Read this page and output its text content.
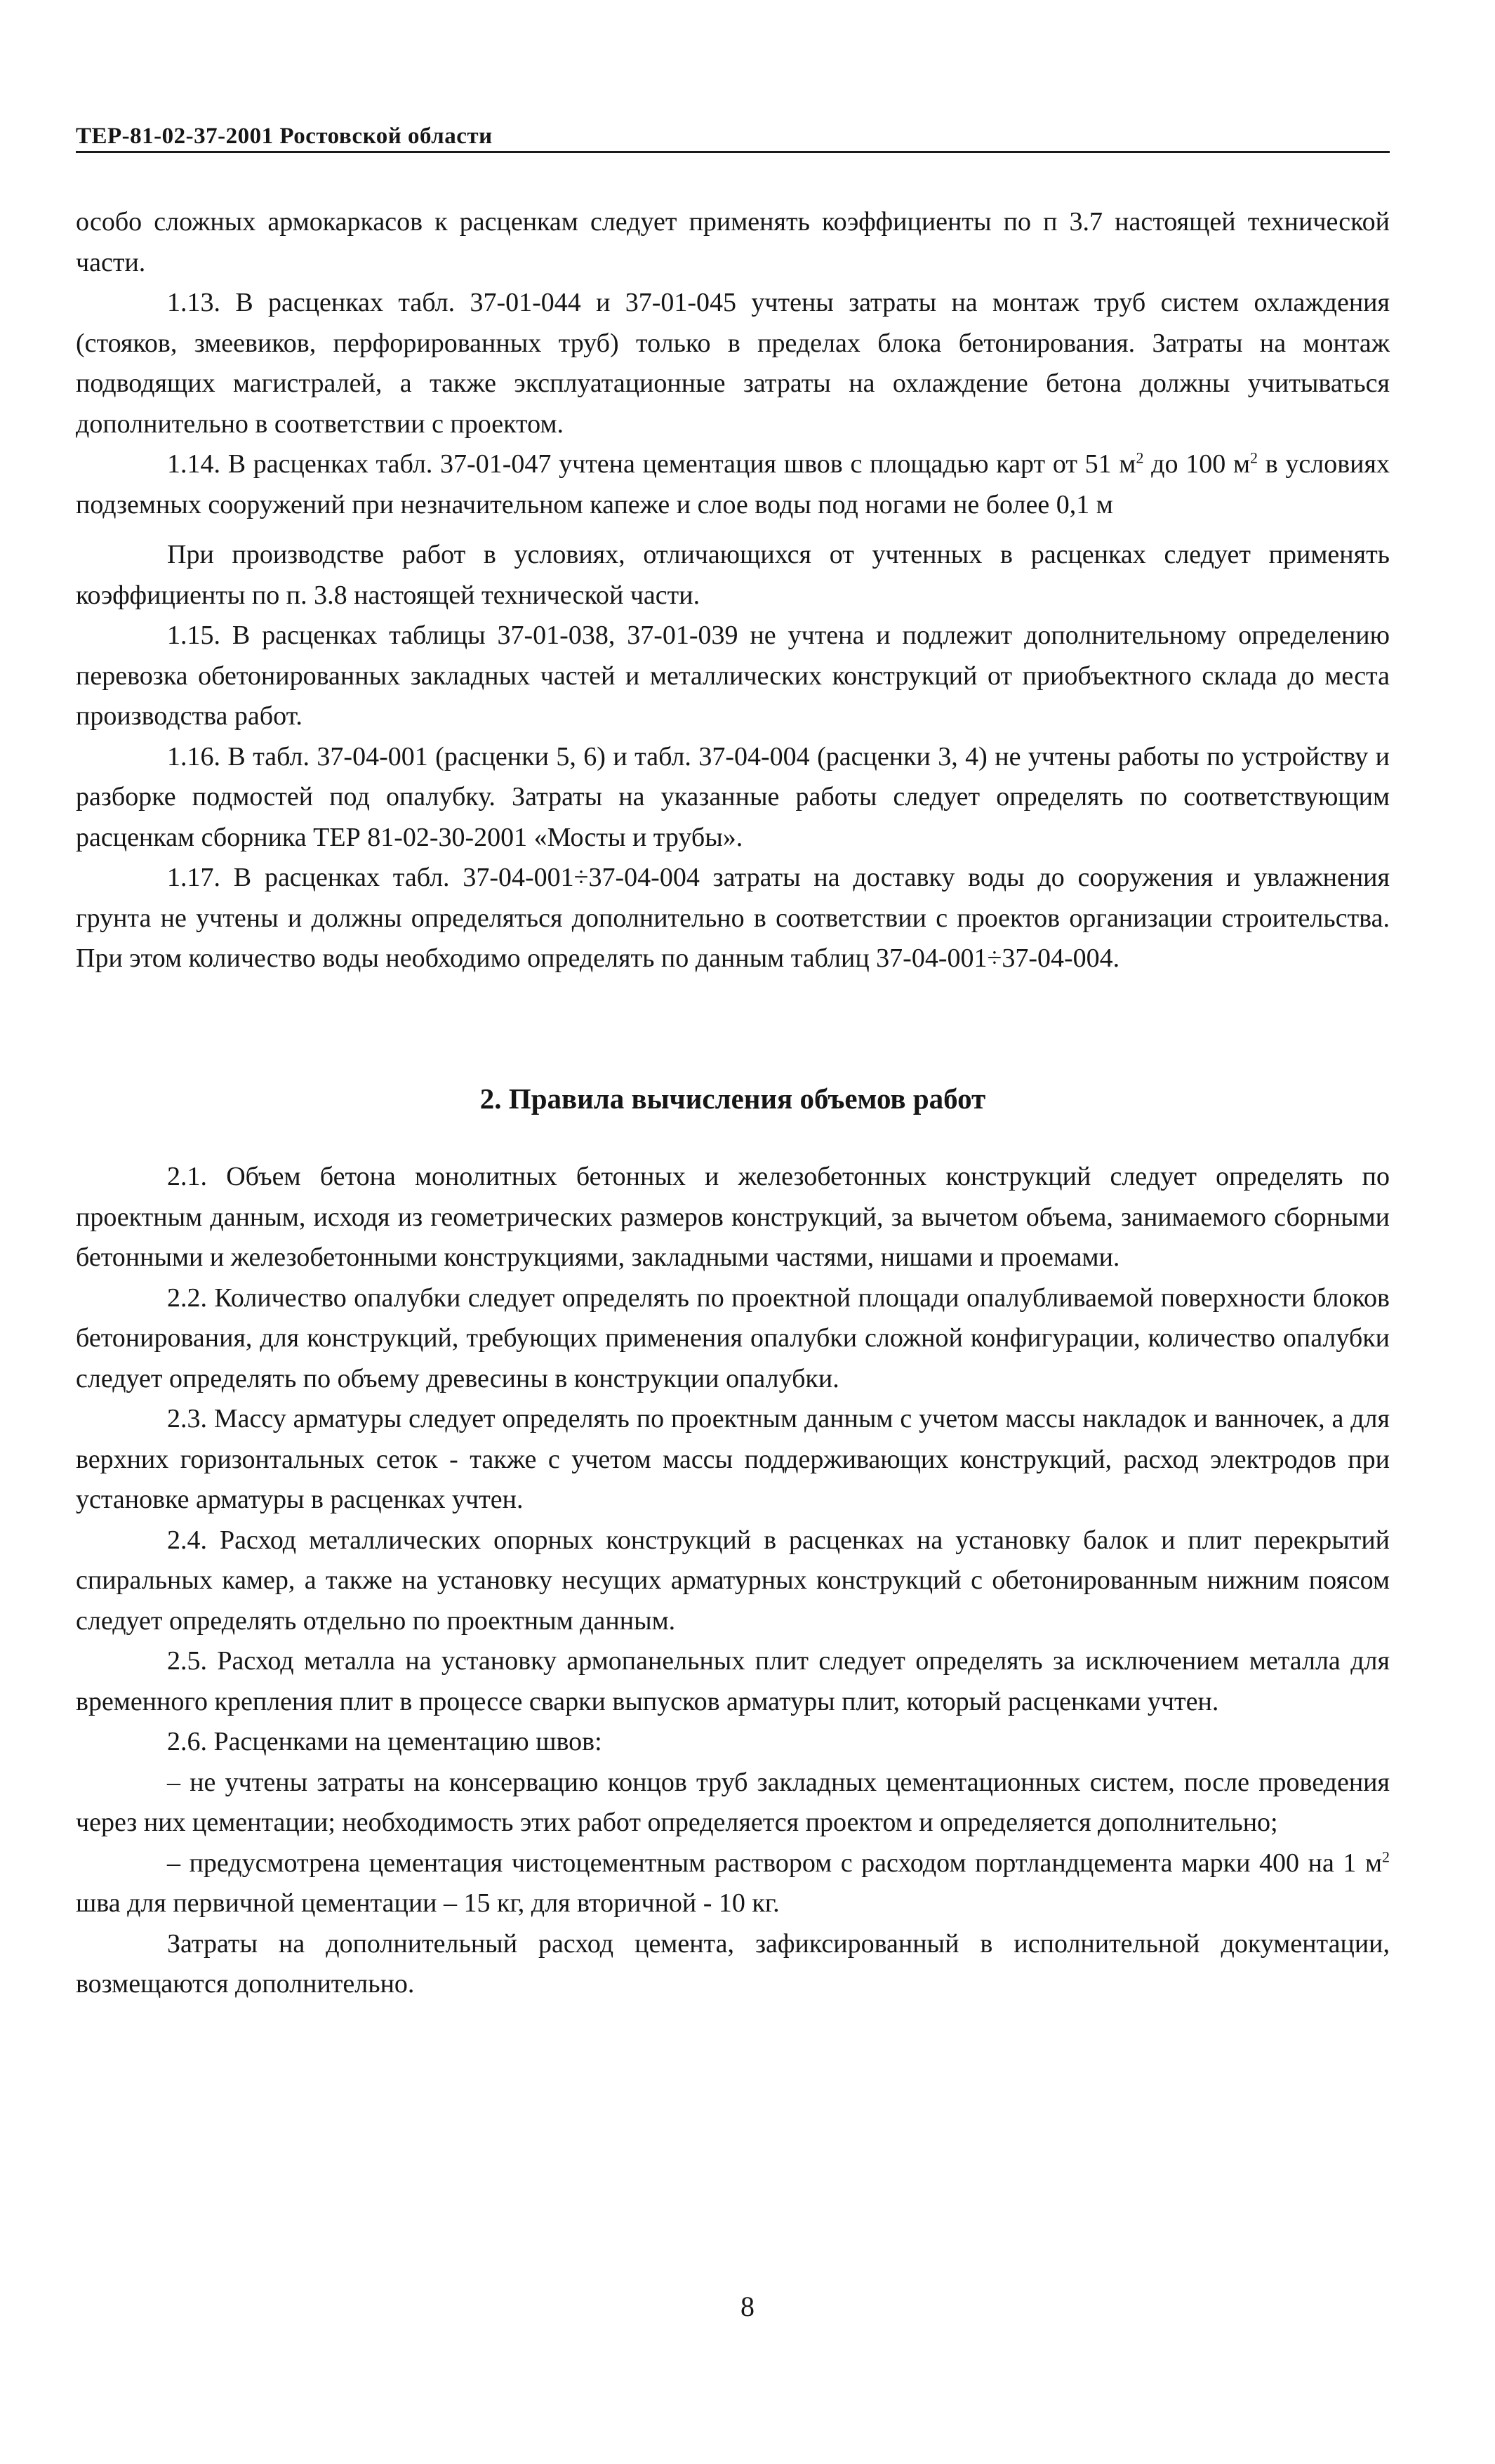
ТЕР-81-02-37-2001 Ростовской области

особо сложных армокаркасов к расценкам следует применять коэффициенты по п 3.7 настоящей технической части.

1.13. В расценках табл. 37-01-044 и 37-01-045 учтены затраты на монтаж труб систем охлаждения (стояков, змеевиков, перфорированных труб) только в пределах блока бетонирования. Затраты на монтаж подводящих магистралей, а также эксплуатационные затраты на охлаждение бетона должны учитываться дополнительно в соответствии с проектом.

1.14. В расценках табл. 37-01-047 учтена цементация швов с площадью карт от 51 $м^2$ до 100 $м^2$ в условиях подземных сооружений при незначительном капеже и слое воды под ногами не более 0,1 м

При производстве работ в условиях, отличающихся от учтенных в расценках следует применять коэффициенты по п. 3.8 настоящей технической части.

1.15. В расценках таблицы 37-01-038, 37-01-039 не учтена и подлежит дополнительному определению перевозка обетонированных закладных частей и металлических конструкций от приобъектного склада до места производства работ.

1.16. В табл. 37-04-001 (расценки 5, 6) и табл. 37-04-004 (расценки 3, 4) не учтены работы по устройству и разборке подмостей под опалубку. Затраты на указанные работы следует определять по соответствующим расценкам сборника ТЕР 81-02-30-2001 «Мосты и трубы».

1.17. В расценках табл. 37-04-001÷37-04-004 затраты на доставку воды до сооружения и увлажнения грунта не учтены и должны определяться дополнительно в соответствии с проектов организации строительства. При этом количество воды необходимо определять по данным таблиц 37-04-001÷37-04-004.

2. Правила вычисления объемов работ

2.1. Объем бетона монолитных бетонных и железобетонных конструкций следует определять по проектным данным, исходя из геометрических размеров конструкций, за вычетом объема, занимаемого сборными бетонными и железобетонными конструкциями, закладными частями, нишами и проемами.

2.2. Количество опалубки следует определять по проектной площади опалубливаемой поверхности блоков бетонирования, для конструкций, требующих применения опалубки сложной конфигурации, количество опалубки следует определять по объему древесины в конструкции опалубки.

2.3. Массу арматуры следует определять по проектным данным с учетом массы накладок и ванночек, а для верхних горизонтальных сеток - также с учетом массы поддерживающих конструкций, расход электродов при установке арматуры в расценках учтен.

2.4. Расход металлических опорных конструкций в расценках на установку балок и плит перекрытий спиральных камер, а также на установку несущих арматурных конструкций с обетонированным нижним поясом следует определять отдельно по проектным данным.

2.5. Расход металла на установку армопанельных плит следует определять за исключением металла для временного крепления плит в процессе сварки выпусков арматуры плит, который расценками учтен.

2.6. Расценками на цементацию швов:

– не учтены затраты на консервацию концов труб закладных цементационных систем, после проведения через них цементации; необходимость этих работ определяется проектом и определяется дополнительно;

– предусмотрена цементация чистоцементным раствором с расходом портландцемента марки 400 на 1 $м^2$ шва для первичной цементации – 15 кг, для вторичной - 10 кг.

Затраты на дополнительный расход цемента, зафиксированный в исполнительной документации, возмещаются дополнительно.

8
